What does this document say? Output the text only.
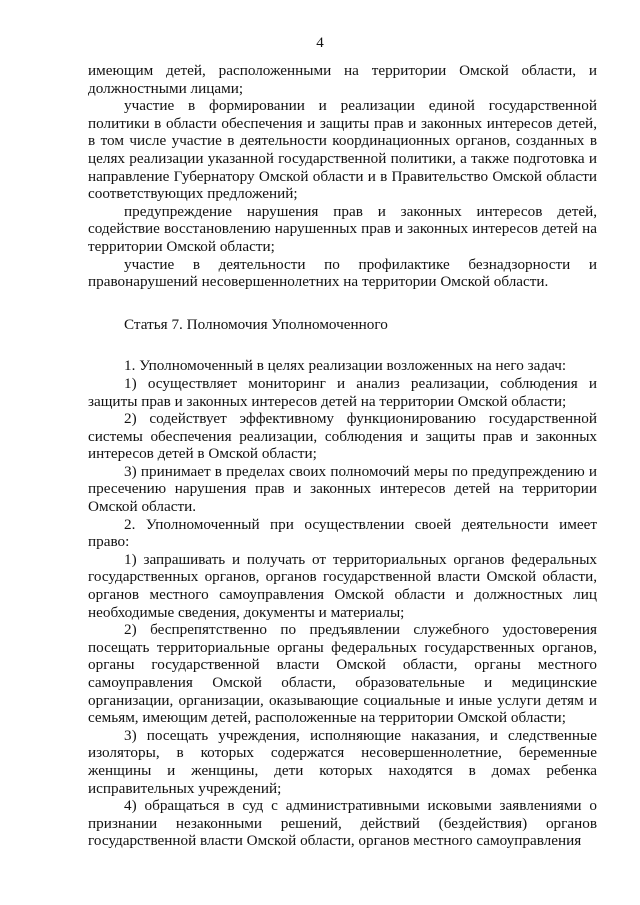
4

имеющим детей, расположенными на территории Омской области, и должностными лицами;

участие в формировании и реализации единой государственной политики в области обеспечения и защиты прав и законных интересов детей, в том числе участие в деятельности координационных органов, созданных в целях реализации указанной государственной политики, а также подготовка и направление Губернатору Омской области и в Правительство Омской области соответствующих предложений;

предупреждение нарушения прав и законных интересов детей, содействие восстановлению нарушенных прав и законных интересов детей на территории Омской области;

участие в деятельности по профилактике безнадзорности и правонарушений несовершеннолетних на территории Омской области.

Статья 7. Полномочия Уполномоченного

1. Уполномоченный в целях реализации возложенных на него задач:

1) осуществляет мониторинг и анализ реализации, соблюдения и защиты прав и законных интересов детей на территории Омской области;

2) содействует эффективному функционированию государственной системы обеспечения реализации, соблюдения и защиты прав и законных интересов детей в Омской области;

3) принимает в пределах своих полномочий меры по предупреждению и пресечению нарушения прав и законных интересов детей на территории Омской области.

2. Уполномоченный при осуществлении своей деятельности имеет право:

1) запрашивать и получать от территориальных органов федеральных государственных органов, органов государственной власти Омской области, органов местного самоуправления Омской области и должностных лиц необходимые сведения, документы и материалы;

2) беспрепятственно по предъявлении служебного удостоверения посещать территориальные органы федеральных государственных органов, органы государственной власти Омской области, органы местного самоуправления Омской области, образовательные и медицинские организации, организации, оказывающие социальные и иные услуги детям и семьям, имеющим детей, расположенные на территории Омской области;

3) посещать учреждения, исполняющие наказания, и следственные изоляторы, в которых содержатся несовершеннолетние, беременные женщины и женщины, дети которых находятся в домах ребенка исправительных учреждений;

4) обращаться в суд с административными исковыми заявлениями о признании незаконными решений, действий (бездействия) органов государственной власти Омской области, органов местного самоуправления
